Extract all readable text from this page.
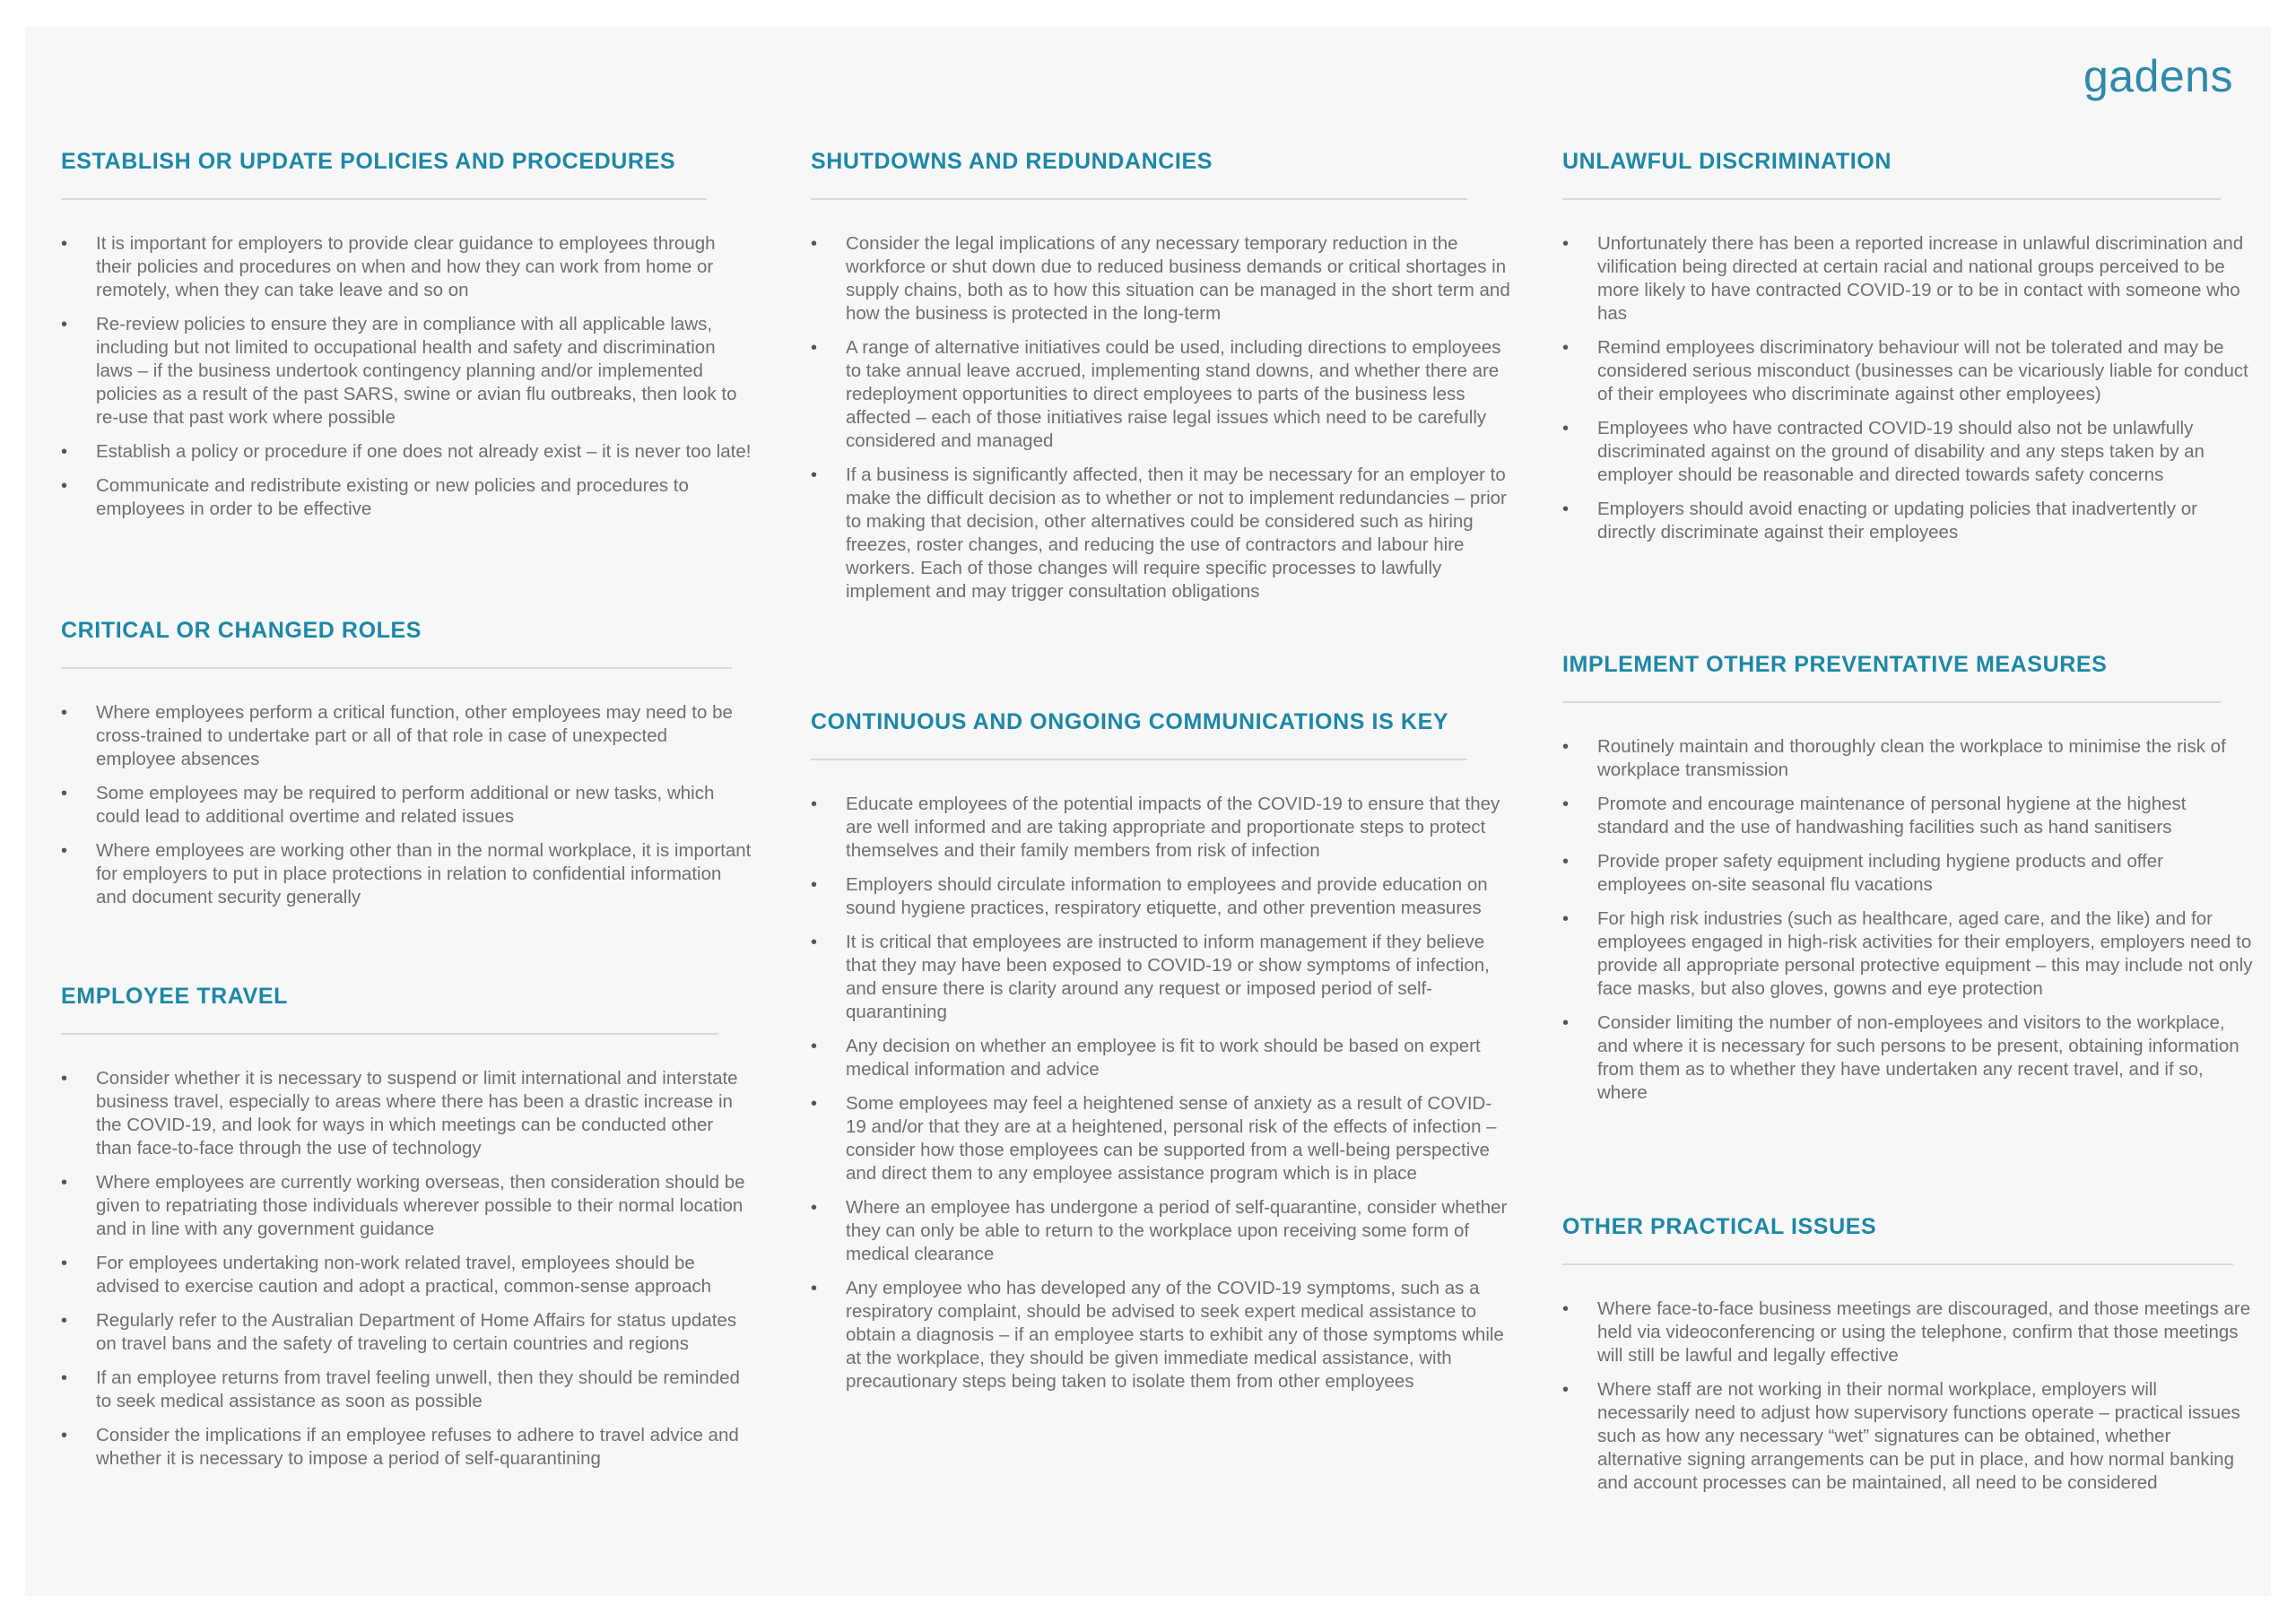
gadens
ESTABLISH OR UPDATE POLICIES AND PROCEDURES
• It is important for employers to provide clear guidance to employees through their policies and procedures on when and how they can work from home or remotely, when they can take leave and so on
• Re-review policies to ensure they are in compliance with all applicable laws, including but not limited to occupational health and safety and discrimination laws – if the business undertook contingency planning and/or implemented policies as a result of the past SARS, swine or avian flu outbreaks, then look to re-use that past work where possible
• Establish a policy or procedure if one does not already exist – it is never too late!
• Communicate and redistribute existing or new policies and procedures to employees in order to be effective
CRITICAL OR CHANGED ROLES
• Where employees perform a critical function, other employees may need to be cross-trained to undertake part or all of that role in case of unexpected employee absences
• Some employees may be required to perform additional or new tasks, which could lead to additional overtime and related issues
• Where employees are working other than in the normal workplace, it is important for employers to put in place protections in relation to confidential information and document security generally
EMPLOYEE TRAVEL
• Consider whether it is necessary to suspend or limit international and interstate business travel, especially to areas where there has been a drastic increase in the COVID-19, and look for ways in which meetings can be conducted other than face-to-face through the use of technology
• Where employees are currently working overseas, then consideration should be given to repatriating those individuals wherever possible to their normal location and in line with any government guidance
• For employees undertaking non-work related travel, employees should be advised to exercise caution and adopt a practical, common-sense approach
• Regularly refer to the Australian Department of Home Affairs for status updates on travel bans and the safety of traveling to certain countries and regions
• If an employee returns from travel feeling unwell, then they should be reminded to seek medical assistance as soon as possible
• Consider the implications if an employee refuses to adhere to travel advice and whether it is necessary to impose a period of self-quarantining
SHUTDOWNS AND REDUNDANCIES
• Consider the legal implications of any necessary temporary reduction in the workforce or shut down due to reduced business demands or critical shortages in supply chains, both as to how this situation can be managed in the short term and how the business is protected in the long-term
• A range of alternative initiatives could be used, including directions to employees to take annual leave accrued, implementing stand downs, and whether there are redeployment opportunities to direct employees to parts of the business less affected – each of those initiatives raise legal issues which need to be carefully considered and managed
• If a business is significantly affected, then it may be necessary for an employer to make the difficult decision as to whether or not to implement redundancies – prior to making that decision, other alternatives could be considered such as hiring freezes, roster changes, and reducing the use of contractors and labour hire workers. Each of those changes will require specific processes to lawfully implement and may trigger consultation obligations
CONTINUOUS AND ONGOING COMMUNICATIONS IS KEY
• Educate employees of the potential impacts of the COVID-19 to ensure that they are well informed and are taking appropriate and proportionate steps to protect themselves and their family members from risk of infection
• Employers should circulate information to employees and provide education on sound hygiene practices, respiratory etiquette, and other prevention measures
• It is critical that employees are instructed to inform management if they believe that they may have been exposed to COVID-19 or show symptoms of infection, and ensure there is clarity around any request or imposed period of self-quarantining
• Any decision on whether an employee is fit to work should be based on expert medical information and advice
• Some employees may feel a heightened sense of anxiety as a result of COVID-19 and/or that they are at a heightened, personal risk of the effects of infection – consider how those employees can be supported from a well-being perspective and direct them to any employee assistance program which is in place
• Where an employee has undergone a period of self-quarantine, consider whether they can only be able to return to the workplace upon receiving some form of medical clearance
• Any employee who has developed any of the COVID-19 symptoms, such as a respiratory complaint, should be advised to seek expert medical assistance to obtain a diagnosis – if an employee starts to exhibit any of those symptoms while at the workplace, they should be given immediate medical assistance, with precautionary steps being taken to isolate them from other employees
UNLAWFUL DISCRIMINATION
• Unfortunately there has been a reported increase in unlawful discrimination and vilification being directed at certain racial and national groups perceived to be more likely to have contracted COVID-19 or to be in contact with someone who has
• Remind employees discriminatory behaviour will not be tolerated and may be considered serious misconduct (businesses can be vicariously liable for conduct of their employees who discriminate against other employees)
• Employees who have contracted COVID-19 should also not be unlawfully discriminated against on the ground of disability and any steps taken by an employer should be reasonable and directed towards safety concerns
• Employers should avoid enacting or updating policies that inadvertently or directly discriminate against their employees
IMPLEMENT OTHER PREVENTATIVE MEASURES
• Routinely maintain and thoroughly clean the workplace to minimise the risk of workplace transmission
• Promote and encourage maintenance of personal hygiene at the highest standard and the use of handwashing facilities such as hand sanitisers
• Provide proper safety equipment including hygiene products and offer employees on-site seasonal flu vacations
• For high risk industries (such as healthcare, aged care, and the like) and for employees engaged in high-risk activities for their employers, employers need to provide all appropriate personal protective equipment – this may include not only face masks, but also gloves, gowns and eye protection
• Consider limiting the number of non-employees and visitors to the workplace, and where it is necessary for such persons to be present, obtaining information from them as to whether they have undertaken any recent travel, and if so, where
OTHER PRACTICAL ISSUES
• Where face-to-face business meetings are discouraged, and those meetings are held via videoconferencing or using the telephone, confirm that those meetings will still be lawful and legally effective
• Where staff are not working in their normal workplace, employers will necessarily need to adjust how supervisory functions operate – practical issues such as how any necessary “wet” signatures can be obtained, whether alternative signing arrangements can be put in place, and how normal banking and account processes can be maintained, all need to be considered
